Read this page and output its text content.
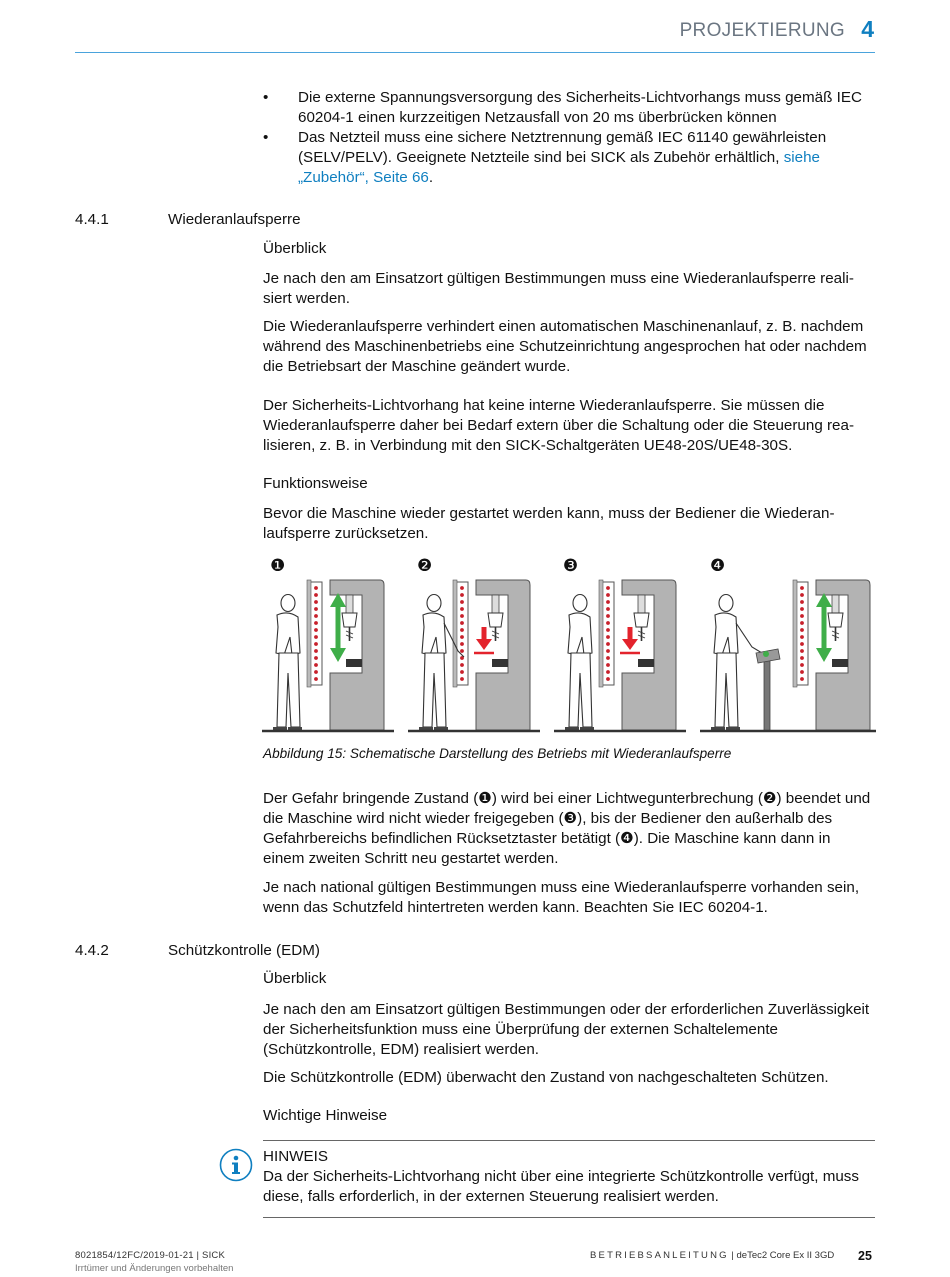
PROJEKTIERUNG 4
• Die externe Spannungsversorgung des Sicherheits-Lichtvorhangs muss gemäß IEC 60204-1 einen kurzzeitigen Netzausfall von 20 ms überbrücken können
• Das Netzteil muss eine sichere Netztrennung gemäß IEC 61140 gewährleisten (SELV/PELV). Geeignete Netzteile sind bei SICK als Zubehör erhältlich, siehe „Zubehör“, Seite 66.
4.4.1	Wiederanlaufsperre
Überblick

Je nach den am Einsatzort gültigen Bestimmungen muss eine Wiederanlaufsperre realisiert werden.

Die Wiederanlaufsperre verhindert einen automatischen Maschinenanlauf, z. B. nachdem während des Maschinenbetriebs eine Schutzeinrichtung angesprochen hat oder nachdem die Betriebsart der Maschine geändert wurde.

Der Sicherheits-Lichtvorhang hat keine interne Wiederanlaufsperre. Sie müssen die Wiederanlaufsperre daher bei Bedarf extern über die Schaltung oder die Steuerung realisieren, z. B. in Verbindung mit den SICK-Schaltgeräten UE48-20S/UE48-30S.

Funktionsweise

Bevor die Maschine wieder gestartet werden kann, muss der Bediener die Wiederanlaufsperre zurücksetzen.

❶	❷	❸	❹
Abbildung 15: Schematische Darstellung des Betriebs mit Wiederanlaufsperre

Der Gefahr bringende Zustand (❶) wird bei einer Lichtwegunterbrechung (❷) beendet und die Maschine wird nicht wieder freigegeben (❸), bis der Bediener den außerhalb des Gefahrbereichs befindlichen Rücksetztaster betätigt (❹). Die Maschine kann dann in einem zweiten Schritt neu gestartet werden.

Je nach national gültigen Bestimmungen muss eine Wiederanlaufsperre vorhanden sein, wenn das Schutzfeld hintertreten werden kann. Beachten Sie IEC 60204-1.

4.4.2	Schützkontrolle (EDM)
Überblick

Je nach den am Einsatzort gültigen Bestimmungen oder der erforderlichen Zuverlässigkeit der Sicherheitsfunktion muss eine Überprüfung der externen Schaltelemente (Schützkontrolle, EDM) realisiert werden.

Die Schützkontrolle (EDM) überwacht den Zustand von nachgeschalteten Schützen.

Wichtige Hinweise
HINWEIS

Da der Sicherheits-Lichtvorhang nicht über eine integrierte Schützkontrolle verfügt, muss diese, falls erforderlich, in der externen Steuerung realisiert werden.

8021854/12FC/2019-01-21 | SICK
Irrtümer und Änderungen vorbehalten
BETRIEBSANLEITUNG | deTec2 Core Ex II 3GD 25
